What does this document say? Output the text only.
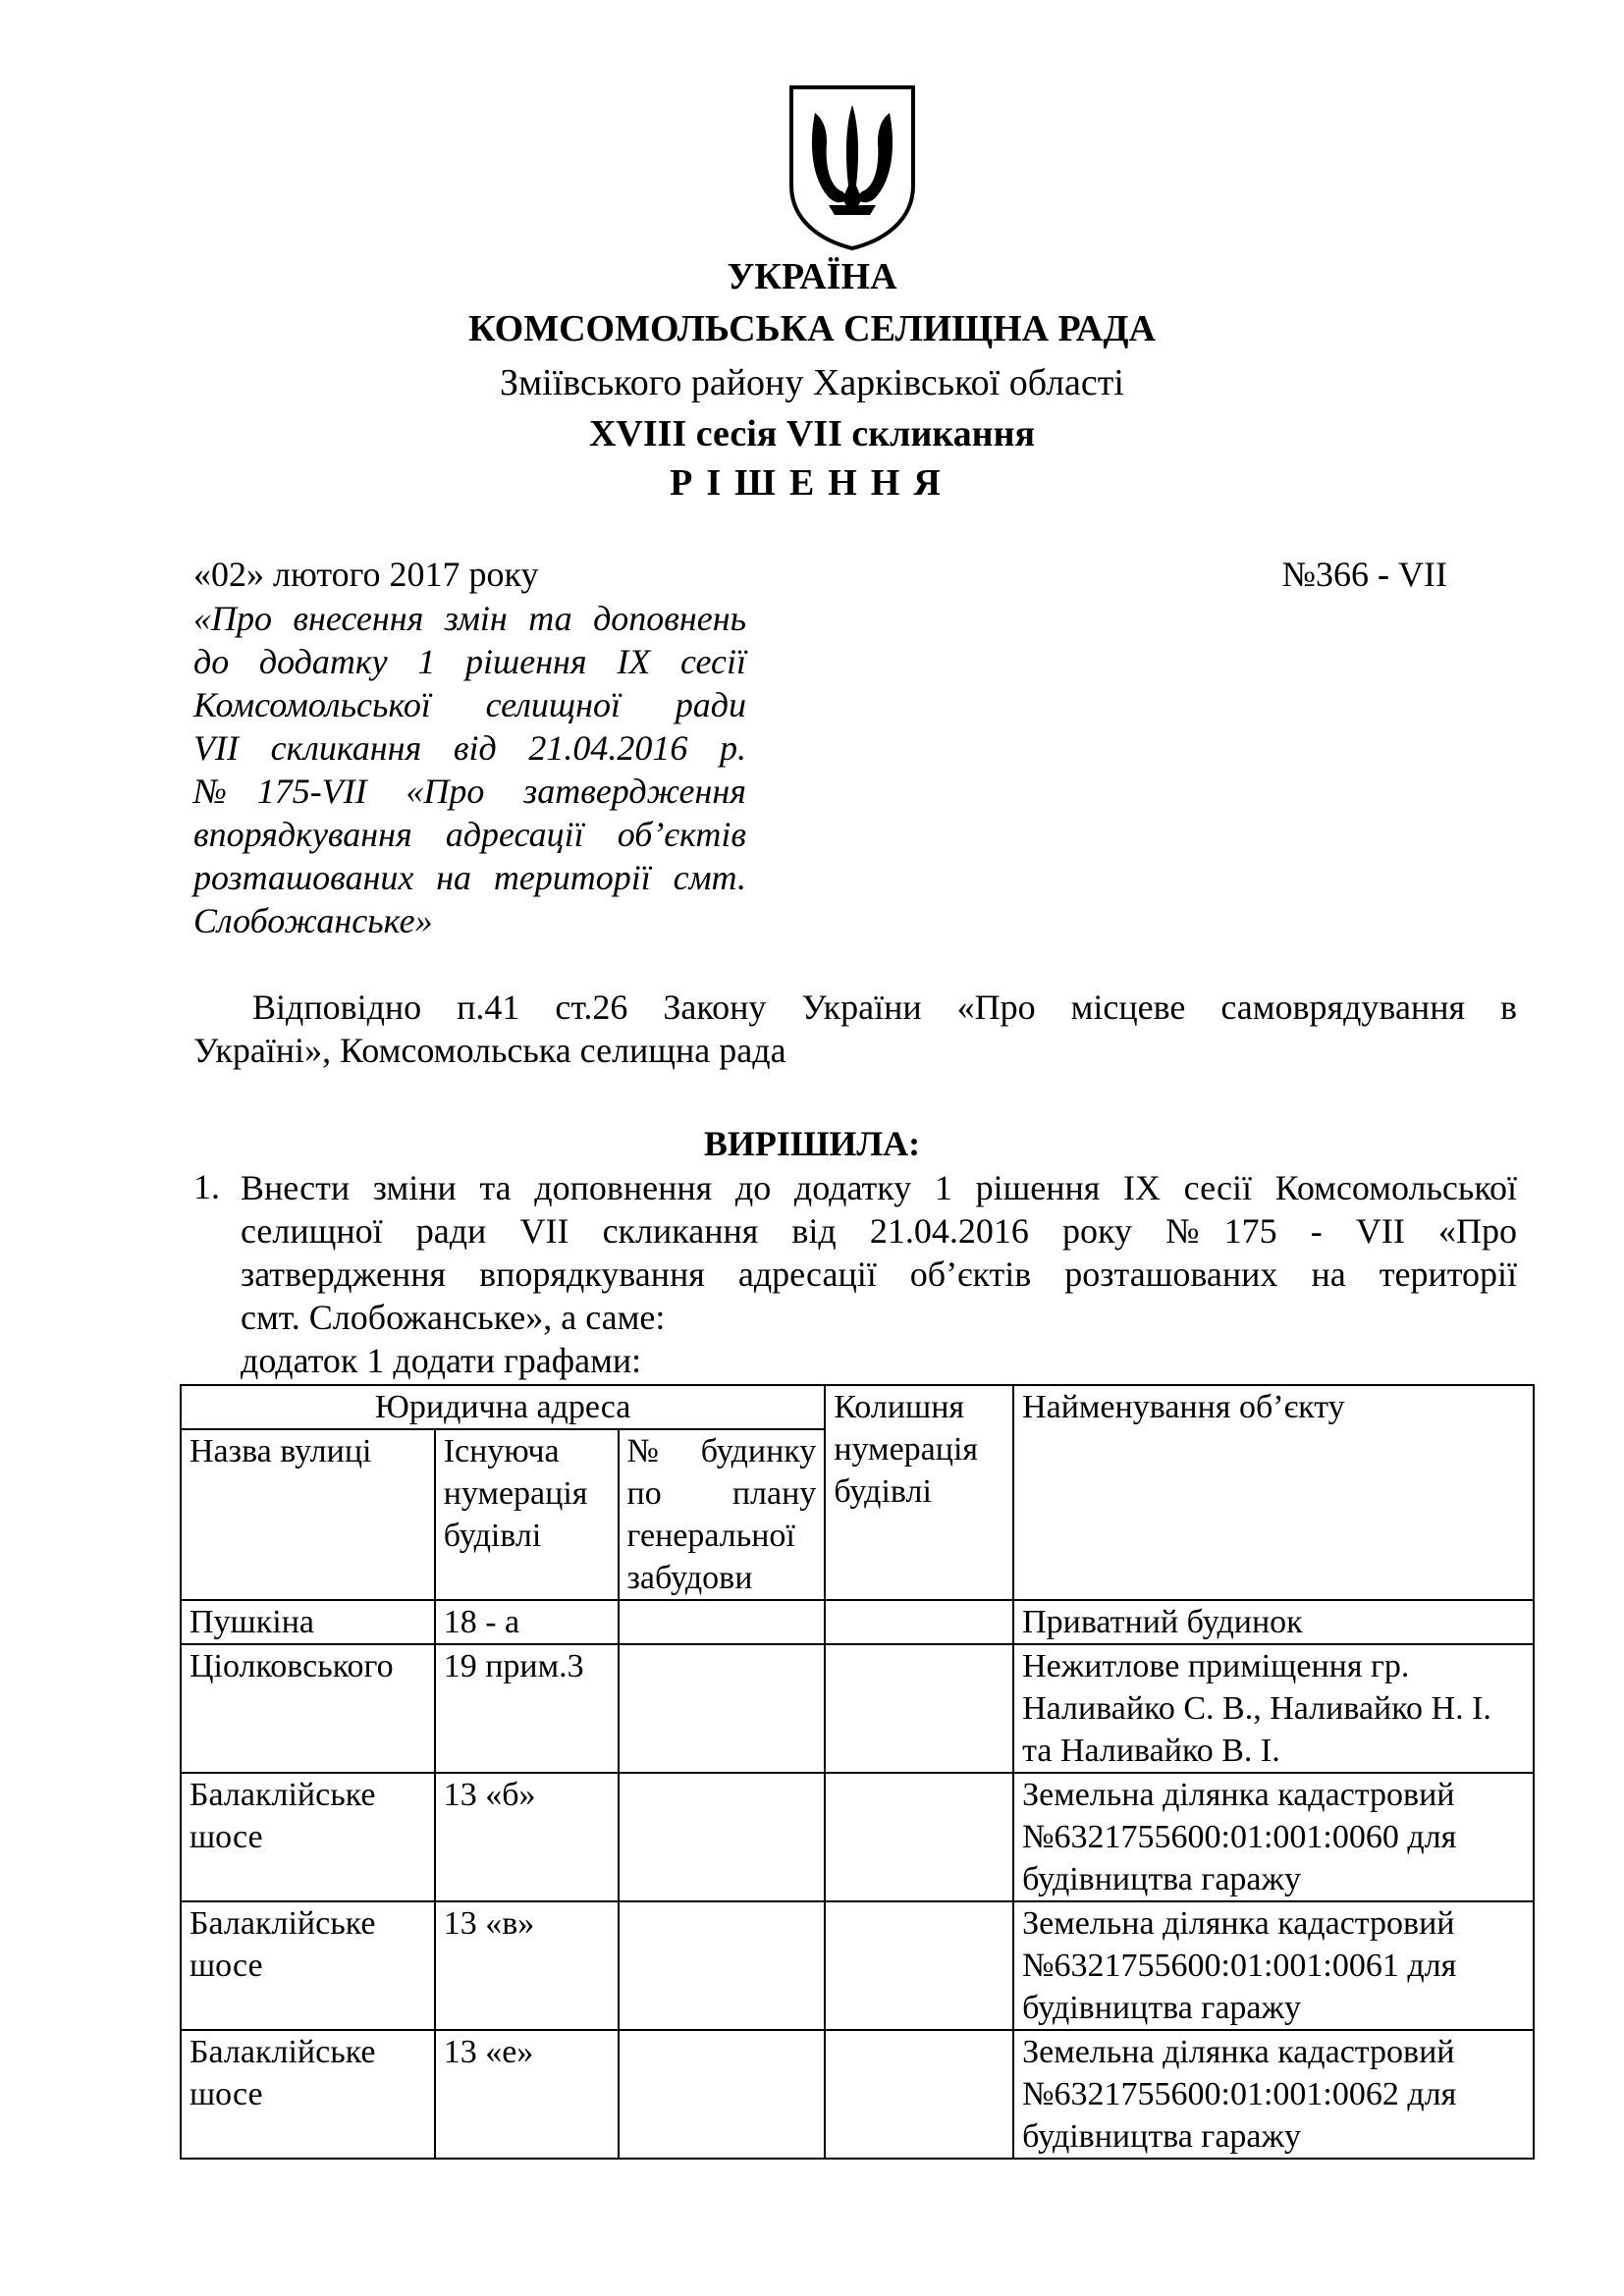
УКРАЇНА
КОМСОМОЛЬСЬКА СЕЛИЩНА РАДА
Зміївського району Харківської області
XVIII сесія VII скликання
РІШЕННЯ
«02» лютого 2017 року	№366 - VII
«Про внесення змін та доповнень
до додатку 1 рішення IX сесії
Комсомольської селищної ради
VII скликання від 21.04.2016 р.
№175-VII «Про затвердження
впорядкування адресації об’єктів
розташованих на території смт.
Слобожанське»
Відповідно п.41 ст.26 Закону України «Про місцеве самоврядування в
Україні», Комсомольська селищна рада
ВИРІШИЛА:
1. Внести зміни та доповнення до додатку 1 рішення IX сесії Комсомольської
селищної ради VII скликання від 21.04.2016 року №175 - VII «Про
затвердження впорядкування адресації об’єктів розташованих на території
смт. Слобожанське», а саме:
додаток 1 додати графами:
Юридична адреса			Колишня нумерація будівлі	Найменування об’єкту
Назва вулиці	Існуюча нумерація будівлі	№ будинку по плану генеральної забудови		
Пушкіна	18 - а			Приватний будинок
Ціолковського	19 прим.3			Нежитлове приміщення гр. Наливайко С. В., Наливайко Н. І. та Наливайко В. І.
Балаклійське шосе	13 «б»			Земельна ділянка кадастровий №6321755600:01:001:0060 для будівництва гаражу
Балаклійське шосе	13 «в»			Земельна ділянка кадастровий №6321755600:01:001:0061 для будівництва гаражу
Балаклійське шосе	13 «е»			Земельна ділянка кадастровий №6321755600:01:001:0062 для будівництва гаражу
